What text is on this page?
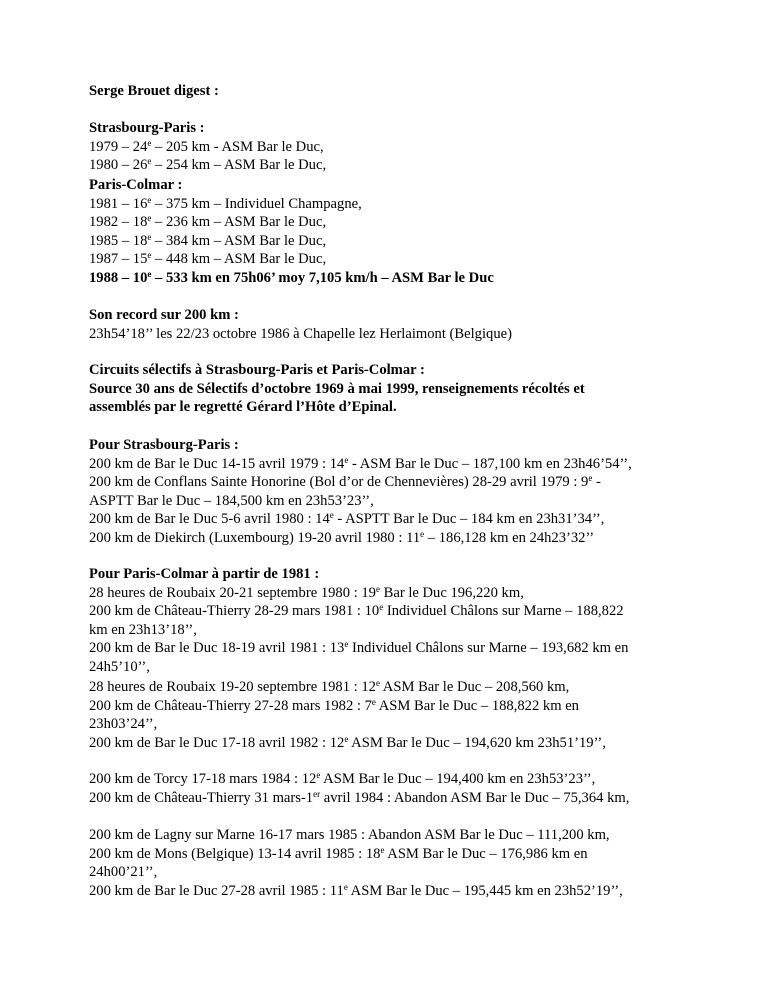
Serge Brouet digest :
Strasbourg-Paris :
1979 – 24e – 205 km - ASM Bar le Duc,
1980 – 26e – 254 km – ASM Bar le Duc,
Paris-Colmar :
1981 – 16e – 375 km – Individuel Champagne,
1982 – 18e – 236 km – ASM Bar le Duc,
1985 – 18e – 384 km – ASM Bar le Duc,
1987 – 15e – 448 km – ASM Bar le Duc,
1988 – 10e – 533 km en 75h06’ moy 7,105 km/h – ASM Bar le Duc
Son record sur 200 km :
23h54’18’’ les 22/23 octobre 1986 à Chapelle lez Herlaimont (Belgique)
Circuits sélectifs à Strasbourg-Paris et Paris-Colmar :
Source 30 ans de Sélectifs d’octobre 1969 à mai 1999, renseignements récoltés et
assemblés par le regretté Gérard l’Hôte d’Epinal.
Pour Strasbourg-Paris :
200 km de Bar le Duc 14-15 avril 1979 : 14e - ASM Bar le Duc – 187,100 km en 23h46’54’’,
200 km de Conflans Sainte Honorine (Bol d’or de Chennevières) 28-29 avril 1979 : 9e -
ASPTT Bar le Duc – 184,500 km en 23h53’23’’,
200 km de Bar le Duc 5-6 avril 1980 : 14e - ASPTT Bar le Duc – 184 km en 23h31’34’’,
200 km de Diekirch (Luxembourg) 19-20 avril 1980 : 11e – 186,128 km en 24h23’32’’
Pour Paris-Colmar à partir de 1981 :
28 heures de Roubaix 20-21 septembre 1980 : 19e Bar le Duc 196,220 km,
200 km de Château-Thierry 28-29 mars 1981 : 10e Individuel Châlons sur Marne – 188,822
km en 23h13’18’’,
200 km de Bar le Duc 18-19 avril 1981 : 13e Individuel Châlons sur Marne – 193,682 km en
24h5’10’’,
28 heures de Roubaix 19-20 septembre 1981 : 12e ASM Bar le Duc – 208,560 km,
200 km de Château-Thierry 27-28 mars 1982 : 7e ASM Bar le Duc – 188,822 km en
23h03’24’’,
200 km de Bar le Duc 17-18 avril 1982 : 12e ASM Bar le Duc – 194,620 km 23h51’19’’,
200 km de Torcy 17-18 mars 1984 : 12e ASM Bar le Duc – 194,400 km en 23h53’23’’,
200 km de Château-Thierry 31 mars-1er avril 1984 : Abandon ASM Bar le Duc – 75,364 km,
200 km de Lagny sur Marne 16-17 mars 1985 : Abandon ASM Bar le Duc – 111,200 km,
200 km de Mons (Belgique) 13-14 avril 1985 : 18e ASM Bar le Duc – 176,986 km en
24h00’21’’,
200 km de Bar le Duc 27-28 avril 1985 : 11e ASM Bar le Duc – 195,445 km en 23h52’19’’,
